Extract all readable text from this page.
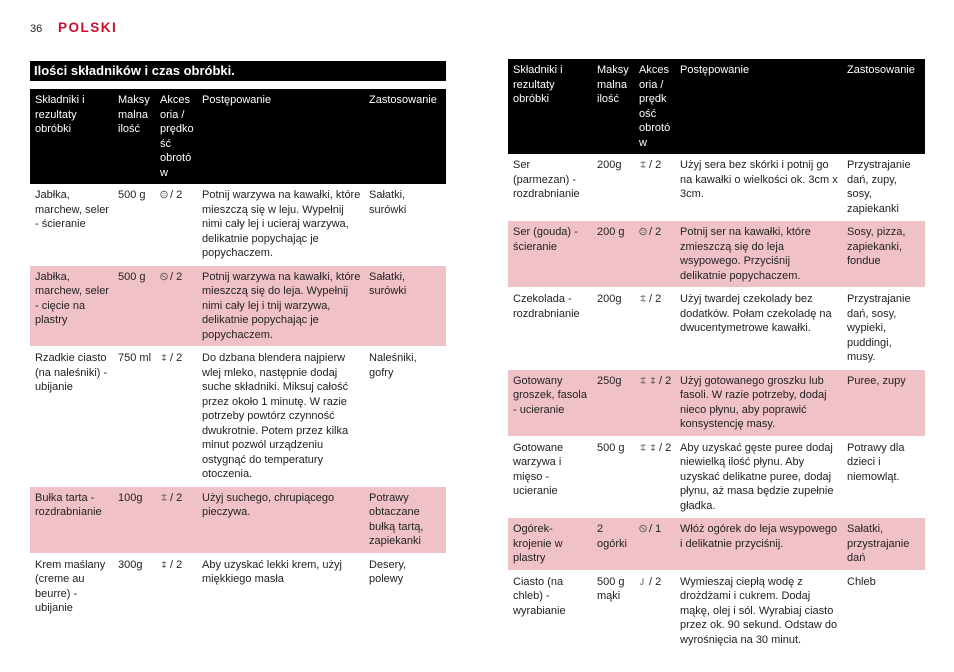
36 POLSKI
Ilości składników i czas obróbki.
Składniki i rezultaty obróbki	Maksy malna ilość	Akcesoria / prędkość obrotów	Postępowanie	Zastosowanie
Jabłka, marchew, seler - ścieranie	500 g	/ 2	Potnij warzywa na kawałki, które mieszczą się w leju. Wypełnij nimi cały lej i ucieraj warzywa, delikatnie popychając je popychaczem.	Sałatki, surówki
Jabłka, marchew, seler - cięcie na plastry	500 g	/ 2	Potnij warzywa na kawałki, które mieszczą się do leja. Wypełnij nimi cały lej i tnij warzywa, delikatnie popychając je popychaczem.	Sałatki, surówki
Rzadkie ciasto (na naleśniki) - ubijanie	750 ml	/ 2	Do dzbana blendera najpierw wlej mleko, następnie dodaj suche składniki. Miksuj całość przez około 1 minutę. W razie potrzeby powtórz czynność dwukrotnie. Potem przez kilka minut pozwól urządzeniu ostygnąć do temperatury otoczenia.	Naleśniki, gofry
Bułka tarta - rozdrabnianie	100g	/ 2	Użyj suchego, chrupiącego pieczywa.	Potrawy obtaczane bułką tartą, zapiekanki
Krem maślany (creme au beurre) - ubijanie	300g	/ 2	Aby uzyskać lekki krem, użyj miękkiego masła	Desery, polewy
Składniki i rezultaty obróbki	Maksy malna ilość	Akcesoria / prędkość obrotów	Postępowanie	Zastosowanie
Ser (parmezan) - rozdrabnianie	200g	/ 2	Użyj sera bez skórki i potnij go na kawałki o wielkości ok. 3cm x 3cm.	Przystrajanie dań, zupy, sosy, zapiekanki
Ser (gouda) - ścieranie	200 g	/ 2	Potnij ser na kawałki, które zmieszczą się do leja wsypowego. Przyciśnij delikatnie popychaczem.	Sosy, pizza, zapiekanki, fondue
Czekolada - rozdrabnianie	200g	/ 2	Użyj twardej czekolady bez dodatków. Połam czekoladę na dwucentymetrowe kawałki.	Przystrajanie dań, sosy, wypieki, puddingi, musy.
Gotowany groszek, fasola - ucieranie	250g	/ 2	Użyj gotowanego groszku lub fasoli. W razie potrzeby, dodaj nieco płynu, aby poprawić konsystencję masy.	Puree, zupy
Gotowane warzywa i mięso - ucieranie	500 g	/ 2	Aby uzyskać gęste puree dodaj niewielką ilość płynu. Aby uzyskać delikatne puree, dodaj płynu, aż masa będzie zupełnie gładka.	Potrawy dla dzieci i niemowląt.
Ogórek- krojenie w plastry	2 ogórki	/ 1	Włóż ogórek do leja wsypowego i delikatnie przyciśnij.	Sałatki, przystrajanie dań
Ciasto (na chleb) - wyrabianie	500 g mąki	/ 2	Wymieszaj ciepłą wodę z drożdżami i cukrem. Dodaj mąkę, olej i sól. Wyrabiaj ciasto przez ok. 90 sekund. Odstaw do wyrośnięcia na 30 minut.	Chleb
